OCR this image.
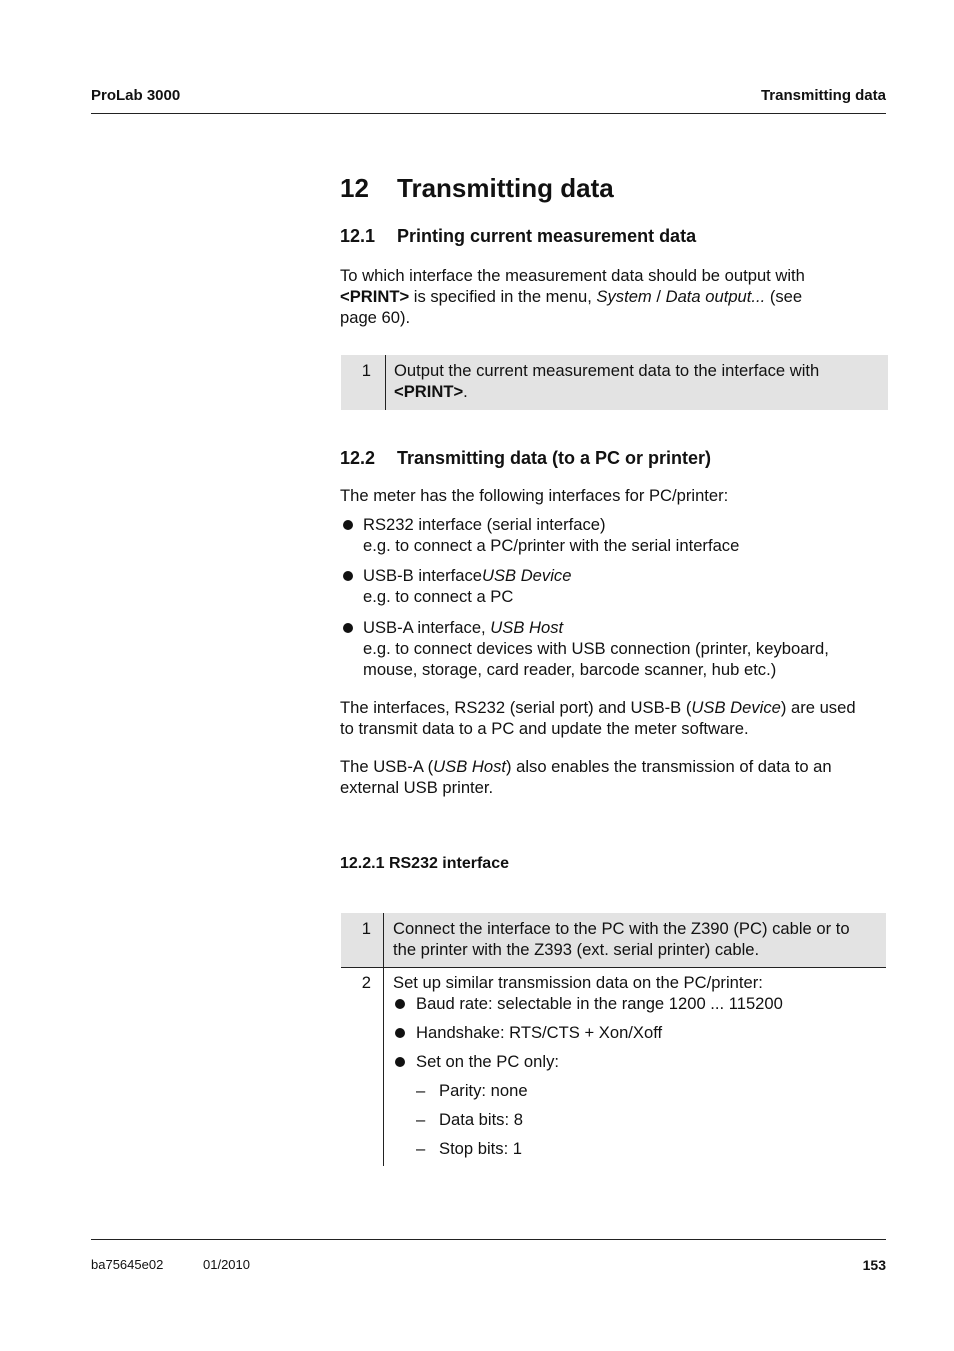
ProLab 3000	Transmitting data
12 Transmitting data
12.1 Printing current measurement data
To which interface the measurement data should be output with
<PRINT> is specified in the menu, System / Data output... (see
page 60).
1 Output the current measurement data to the interface with
<PRINT>.
12.2 Transmitting data (to a PC or printer)
The meter has the following interfaces for PC/printer:
RS232 interface (serial interface)
e.g. to connect a PC/printer with the serial interface
USB-B interfaceUSB Device
e.g. to connect a PC
USB-A interface, USB Host
e.g. to connect devices with USB connection (printer, keyboard,
mouse, storage, card reader, barcode scanner, hub etc.)
The interfaces, RS232 (serial port) and USB-B (USB Device) are used
to transmit data to a PC and update the meter software.
The USB-A (USB Host) also enables the transmission of data to an
external USB printer.
12.2.1 RS232 interface
1 Connect the interface to the PC with the Z390 (PC) cable or to
the printer with the Z393 (ext. serial printer) cable.
2 Set up similar transmission data on the PC/printer:
Baud rate: selectable in the range 1200 ... 115200
Handshake: RTS/CTS + Xon/Xoff
Set on the PC only:
– Parity: none
– Data bits: 8
– Stop bits: 1
ba75645e02	01/2010	153
